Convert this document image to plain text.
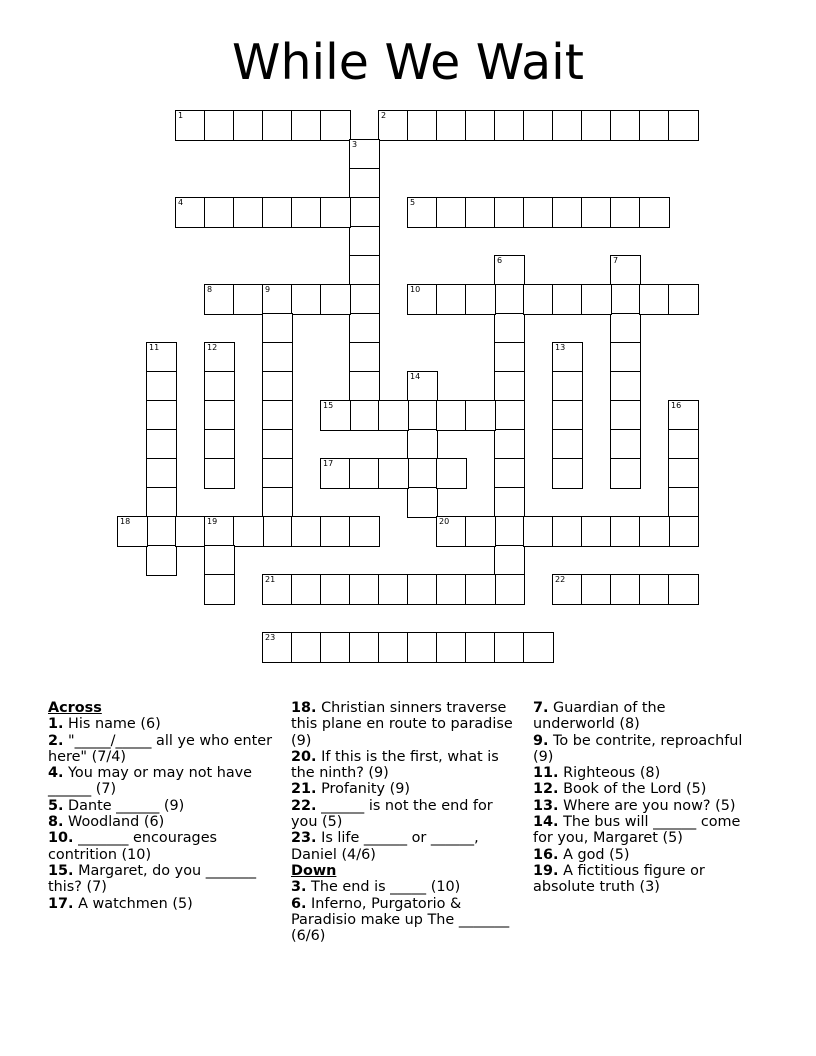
While We Wait
1	2
3
4	5
6	7
8	9	10
11	12	13
14
15	16
17
18	19	20
21	22
23
Across
1. His name (6)
2. "_____/_____ all ye who enter here" (7/4)
4. You may or may not have ______ (7)
5. Dante ______ (9)
8. Woodland (6)
10. _______ encourages contrition (10)
15. Margaret, do you _______ this? (7)
17. A watchmen (5)
18. Christian sinners traverse this plane en route to paradise (9)
20. If this is the first, what is the ninth? (9)
21. Profanity (9)
22. ______ is not the end for you (5)
23. Is life ______ or ______, Daniel (4/6)
Down
3. The end is _____ (10)
6. Inferno, Purgatorio & Paradisio make up The _______ (6/6)
7. Guardian of the underworld (8)
9. To be contrite, reproachful (9)
11. Righteous (8)
12. Book of the Lord (5)
13. Where are you now? (5)
14. The bus will ______ come for you, Margaret (5)
16. A god (5)
19. A fictitious figure or absolute truth (3)
